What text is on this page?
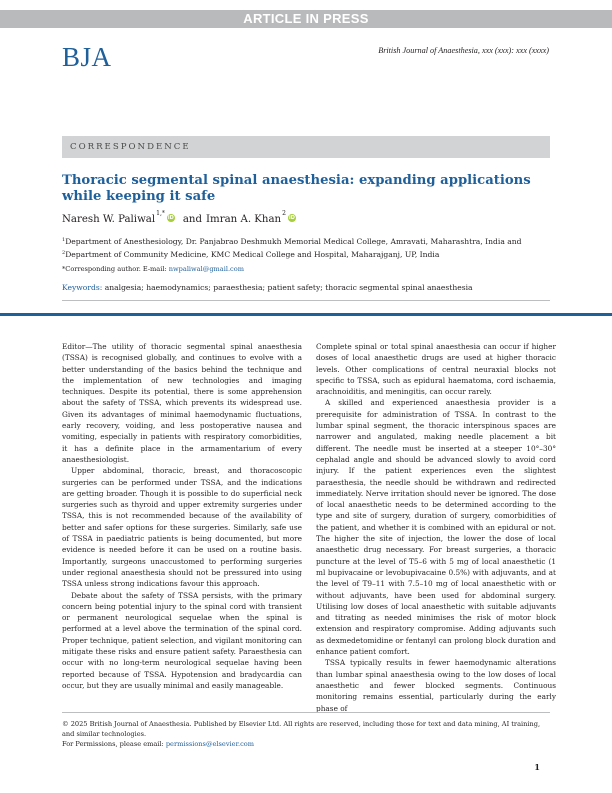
ARTICLE IN PRESS
BJA	British Journal of Anaesthesia, xxx (xxx): xxx (xxxx)
CORRESPONDENCE
Thoracic segmental spinal anaesthesia: expanding applications while keeping it safe
Naresh W. Paliwal
1,*
iD and Imran A. Khan
2
iD
$^1$Department of Anesthesiology, Dr. Panjabrao Deshmukh Memorial Medical College, Amravati, Maharashtra, India and
$^2$Department of Community Medicine, KMC Medical College and Hospital, Maharajganj, UP, India
*Corresponding author. E-mail: nwpaliwal@gmail.com
Keywords: analgesia; haemodynamics; paraesthesia; patient safety; thoracic segmental spinal anaesthesia

Editor—The utility of thoracic segmental spinal anaesthesia (TSSA) is recognised globally, and continues to evolve with a better understanding of the basics behind the technique and the implementation of new technologies and imaging techniques. Despite its potential, there is some apprehension about the safety of TSSA, which prevents its widespread use. Given its advantages of minimal haemodynamic fluctuations, early recovery, voiding, and less postoperative nausea and vomiting, especially in patients with respiratory comorbidities, it has a definite place in the armamentarium of every anaesthesiologist.

Upper abdominal, thoracic, breast, and thoracoscopic surgeries can be performed under TSSA, and the indications are getting broader. Though it is possible to do superficial neck surgeries such as thyroid and upper extremity surgeries under TSSA, this is not recommended because of the availability of better and safer options for these surgeries. Similarly, safe use of TSSA in paediatric patients is being documented, but more evidence is needed before it can be used on a routine basis. Importantly, surgeons unaccustomed to performing surgeries under regional anaesthesia should not be pressured into using TSSA unless strong indications favour this approach.

Debate about the safety of TSSA persists, with the primary concern being potential injury to the spinal cord with transient or permanent neurological sequelae when the spinal is performed at a level above the termination of the spinal cord. Proper technique, patient selection, and vigilant monitoring can mitigate these risks and ensure patient safety. Paraesthesia can occur with no long-term neurological sequelae having been reported because of TSSA. Hypotension and bradycardia can occur, but they are usually minimal and easily manageable.

Complete spinal or total spinal anaesthesia can occur if higher doses of local anaesthetic drugs are used at higher thoracic levels. Other complications of central neuraxial blocks not specific to TSSA, such as epidural haematoma, cord ischaemia, arachnoiditis, and meningitis, can occur rarely.

A skilled and experienced anaesthesia provider is a prerequisite for administration of TSSA. In contrast to the lumbar spinal segment, the thoracic interspinous spaces are narrower and angulated, making needle placement a bit different. The needle must be inserted at a steeper 10°–30° cephalad angle and should be advanced slowly to avoid cord injury. If the patient experiences even the slightest paraesthesia, the needle should be withdrawn and redirected immediately. Nerve irritation should never be ignored. The dose of local anaesthetic needs to be determined according to the type and site of surgery, duration of surgery, comorbidities of the patient, and whether it is combined with an epidural or not. The higher the site of injection, the lower the dose of local anaesthetic drug necessary. For breast surgeries, a thoracic puncture at the level of T5–6 with 5 mg of local anaesthetic (1 ml bupivacaine or levobupivacaine 0.5%) with adjuvants, and at the level of T9–11 with 7.5–10 mg of local anaesthetic with or without adjuvants, have been used for abdominal surgery. Utilising low doses of local anaesthetic with suitable adjuvants and titrating as needed minimises the risk of motor block extension and respiratory compromise. Adding adjuvants such as dexmedetomidine or fentanyl can prolong block duration and enhance patient comfort.

TSSA typically results in fewer haemodynamic alterations than lumbar spinal anaesthesia owing to the low doses of local anaesthetic and fewer blocked segments. Continuous monitoring remains essential, particularly during the early phase of

© 2025 British Journal of Anaesthesia. Published by Elsevier Ltd. All rights are reserved, including those for text and data mining, AI training, and similar technologies.
For Permissions, please email: permissions@elsevier.com
1
